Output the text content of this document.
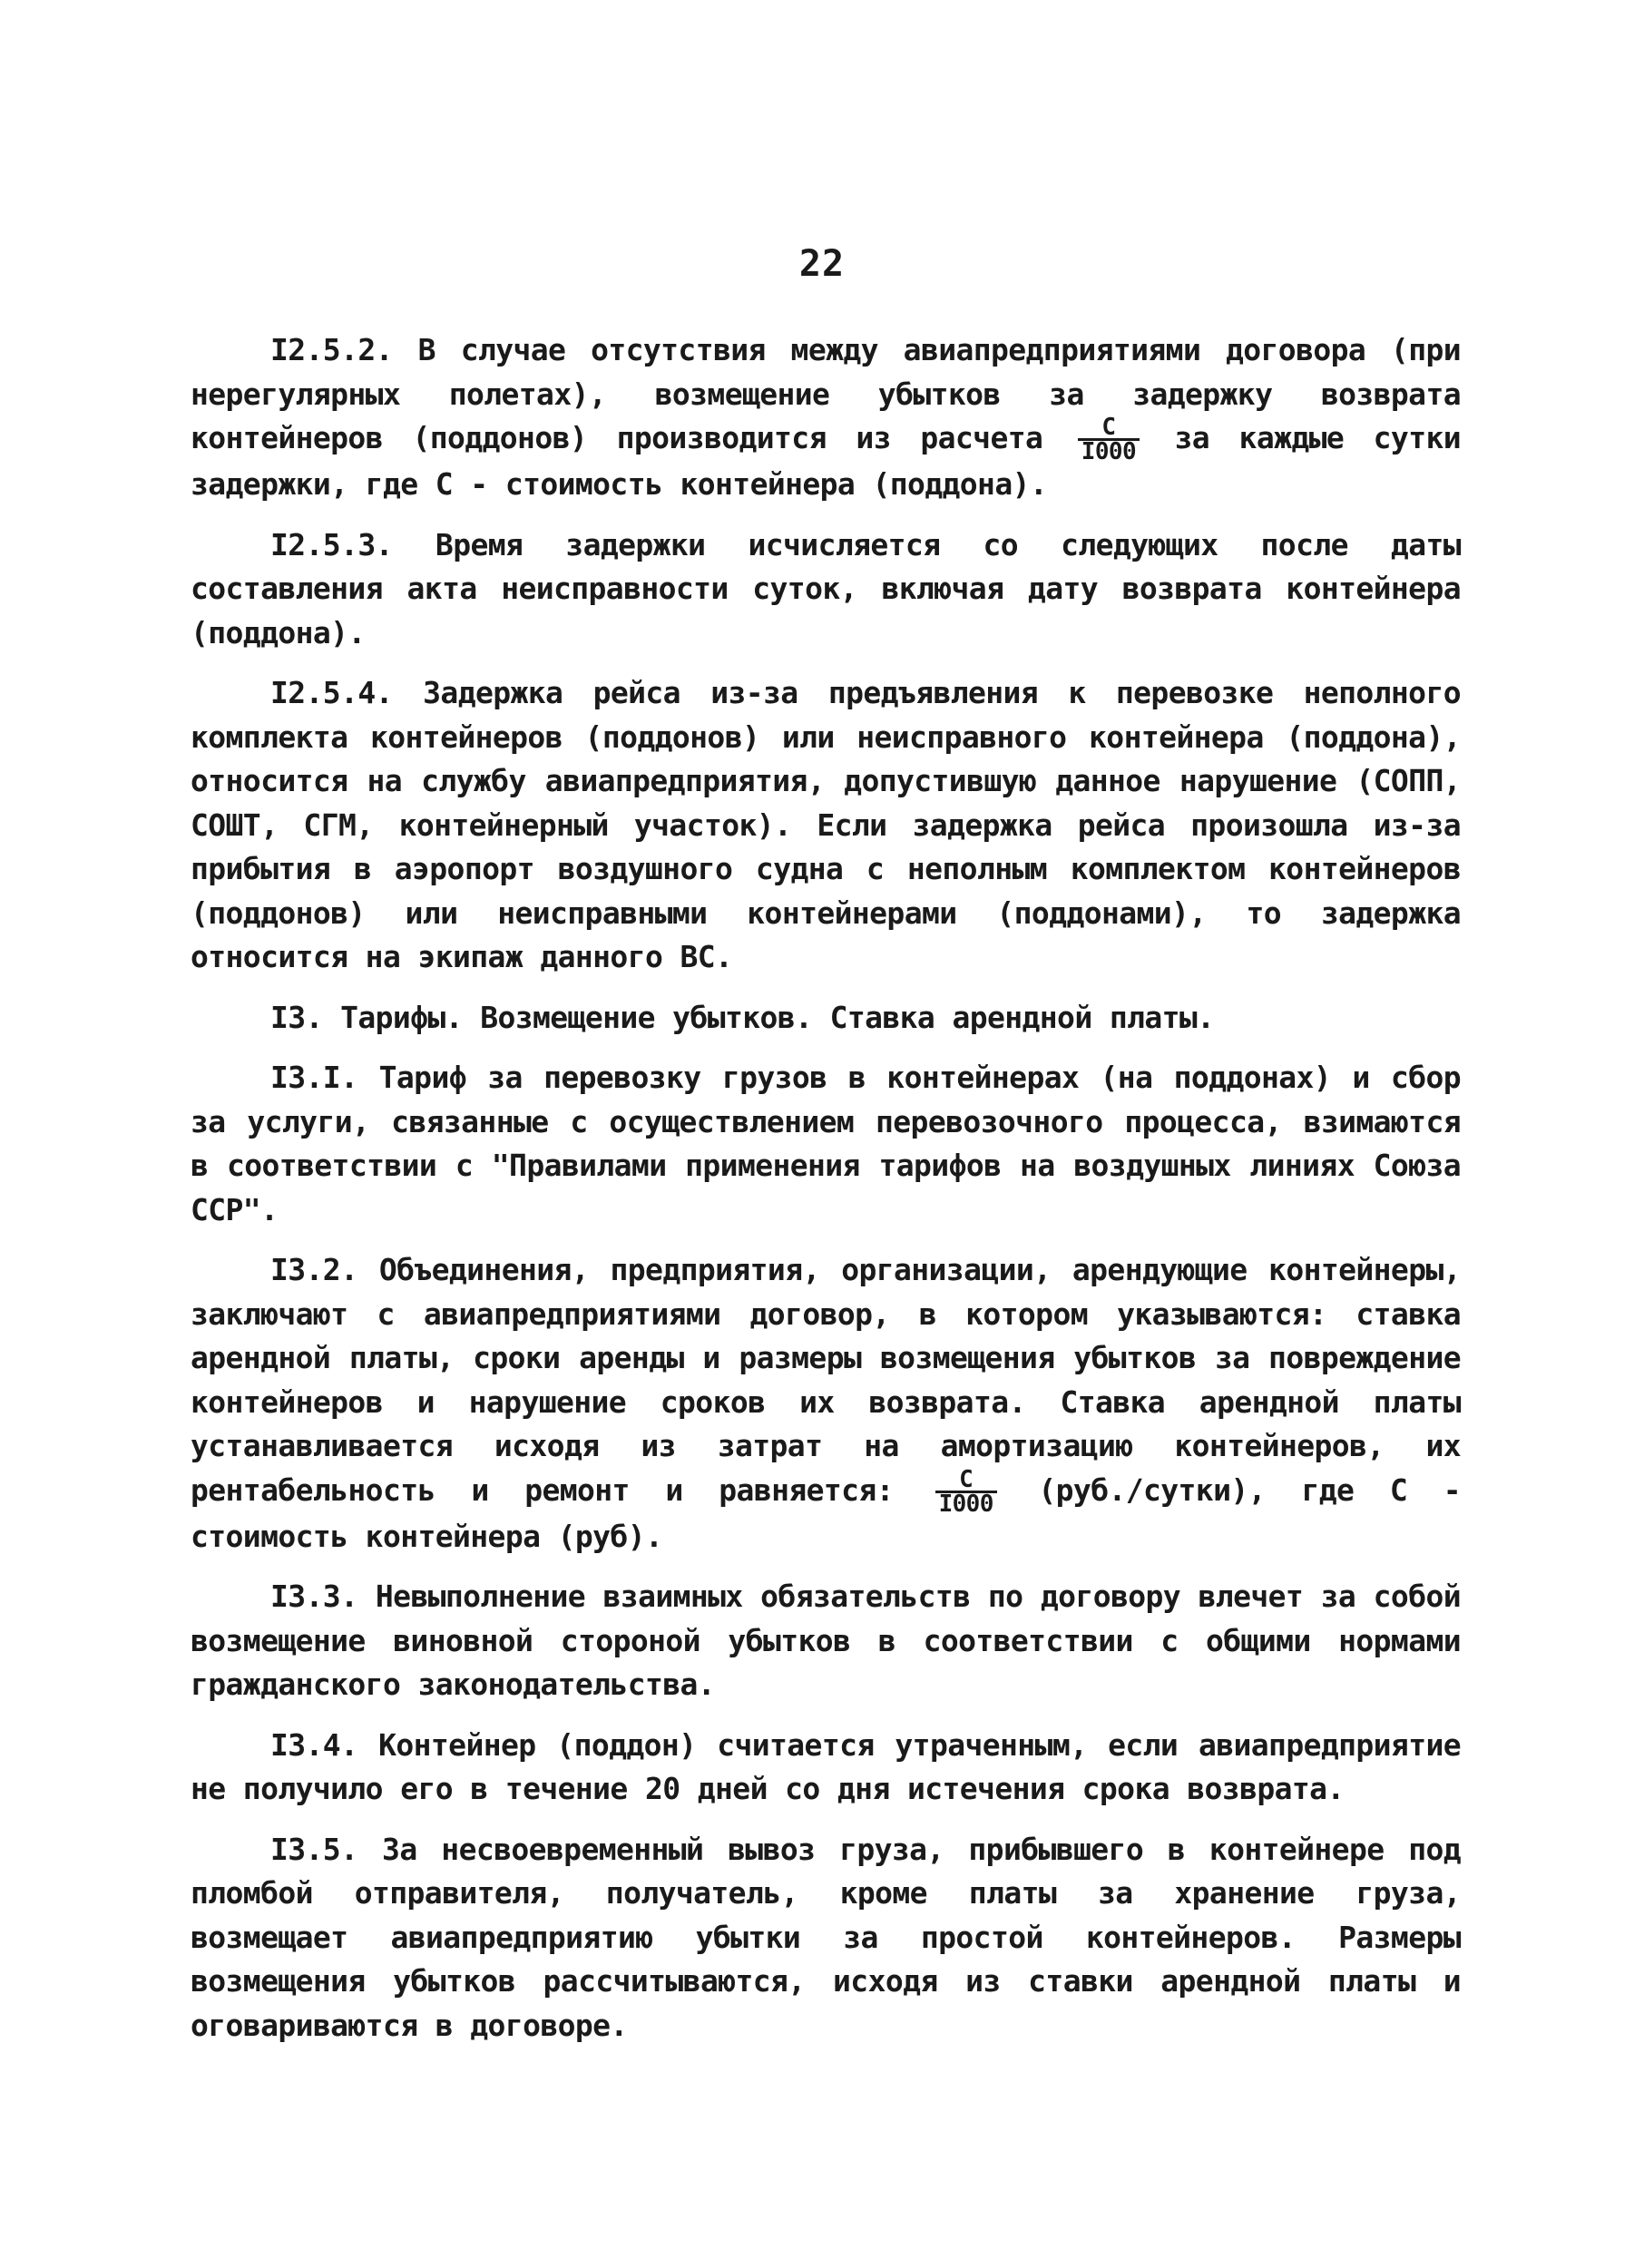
22

I2.5.2. В случае отсутствия между авиапредприятиями договора (при нерегулярных полетах), возмещение убытков за задержку возврата контейнеров (поддонов) производится из расчета $\frac{C}{I000}$ за каждые сутки задержки, где С - стоимость контейнера (поддона).

I2.5.3. Время задержки исчисляется со следующих после даты составления акта неисправности суток, включая дату возврата контейнера (поддона).

I2.5.4. Задержка рейса из-за предъявления к перевозке неполного комплекта контейнеров (поддонов) или неисправного контейнера (поддона), относится на службу авиапредприятия, допустившую данное нарушение (СОПП, СОШТ, СГМ, контейнерный участок). Если задержка рейса произошла из-за прибытия в аэропорт воздушного судна с неполным комплектом контейнеров (поддонов) или неисправными контейнерами (поддонами), то задержка относится на экипаж данного ВС.

I3. Тарифы. Возмещение убытков. Ставка арендной платы.

I3.I. Тариф за перевозку грузов в контейнерах (на поддонах) и сбор за услуги, связанные с осуществлением перевозочного процесса, взимаются в соответствии с "Правилами применения тарифов на воздушных линиях Союза ССР".

I3.2. Объединения, предприятия, организации, арендующие контейнеры, заключают с авиапредприятиями договор, в котором указываются: ставка арендной платы, сроки аренды и размеры возмещения убытков за повреждение контейнеров и нарушение сроков их возврата. Ставка арендной платы устанавливается исходя из затрат на амортизацию контейнеров, их рентабельность и ремонт и равняется: $\frac{C}{I000}$ (руб./сутки), где С - стоимость контейнера (руб).

I3.3. Невыполнение взаимных обязательств по договору влечет за собой возмещение виновной стороной убытков в соответствии с общими нормами гражданского законодательства.

I3.4. Контейнер (поддон) считается утраченным, если авиапредприятие не получило его в течение 20 дней со дня истечения срока возврата.

I3.5. За несвоевременный вывоз груза, прибывшего в контейнере под пломбой отправителя, получатель, кроме платы за хранение груза, возмещает авиапредприятию убытки за простой контейнеров. Размеры возмещения убытков рассчитываются, исходя из ставки арендной платы и оговариваются в договоре.
